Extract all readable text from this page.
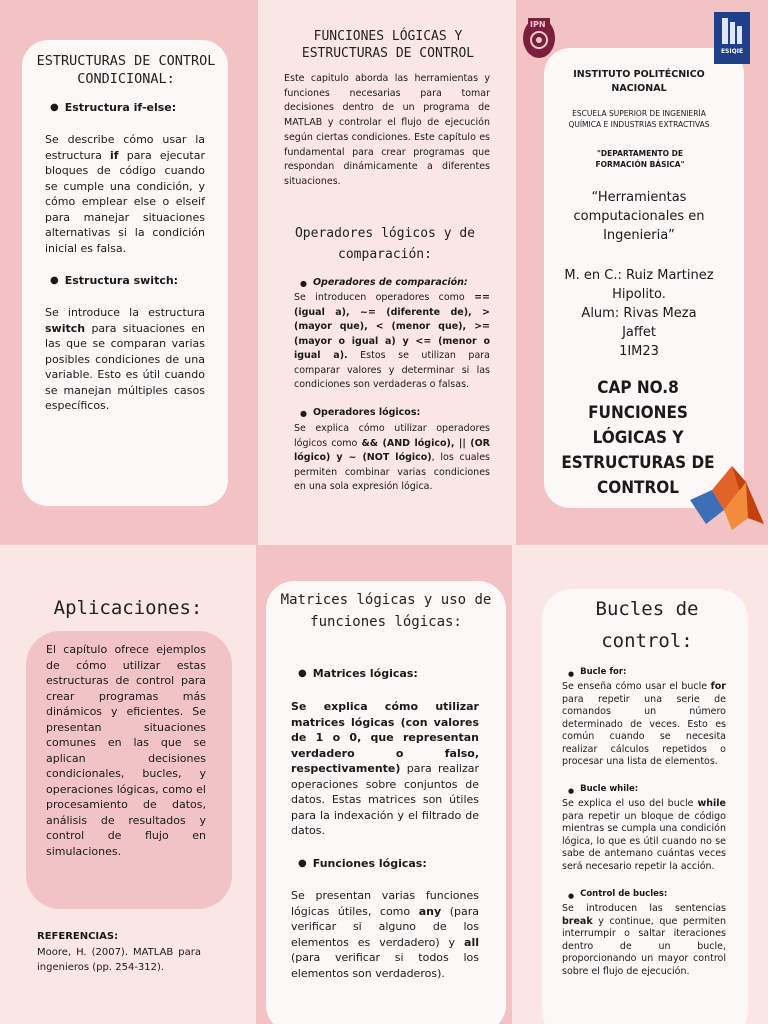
ESTRUCTURAS DE CONTROL CONDICIONAL:
● Estructura if-else:
Se describe cómo usar la estructura if para ejecutar bloques de código cuando se cumple una condición, y cómo emplear else o elseif para manejar situaciones alternativas si la condición inicial es falsa.
● Estructura switch:
Se introduce la estructura switch para situaciones en las que se comparan varias posibles condiciones de una variable. Esto es útil cuando se manejan múltiples casos específicos.
FUNCIONES LÓGICAS Y ESTRUCTURAS DE CONTROL
Este capitulo aborda las herramientas y funciones necesarias para tomar decisiones dentro de un programa de MATLAB y controlar el flujo de ejecución según ciertas condiciones. Este capítulo es fundamental para crear programas que respondan dinámicamente a diferentes situaciones.
Operadores lógicos y de comparación:
● Operadores de comparación:
Se introducen operadores como == (igual a), ~= (diferente de), > (mayor que), < (menor que), >= (mayor o igual a) y <= (menor o igual a). Estos se utilizan para comparar valores y determinar si las condiciones son verdaderas o falsas.
● Operadores lógicos:
Se explica cómo utilizar operadores lógicos como && (AND lógico), || (OR lógico) y ~ (NOT lógico), los cuales permiten combinar varias condiciones en una sola expresión lógica.
IPN
ESIQIE
INSTITUTO POLITÉCNICO NACIONAL
ESCUELA SUPERIOR DE INGENIERÍA QUÍMICA E INDUSTRIAS EXTRACTIVAS
"DEPARTAMENTO DE FORMACIÓN BÁSICA"
“Herramientas computacionales en Ingenieria”
M. en C.: Ruiz Martinez Hipolito.
Alum: Rivas Meza Jaffet
1IM23
CAP NO.8 FUNCIONES LÓGICAS Y ESTRUCTURAS DE CONTROL
Aplicaciones:
El capítulo ofrece ejemplos de cómo utilizar estas estructuras de control para crear programas más dinámicos y eficientes. Se presentan situaciones comunes en las que se aplican decisiones condicionales, bucles, y operaciones lógicas, como el procesamiento de datos, análisis de resultados y control de flujo en simulaciones.
REFERENCIAS:
Moore, H. (2007). MATLAB para ingenieros (pp. 254-312).
Matrices lógicas y uso de funciones lógicas:
● Matrices lógicas:
Se explica cómo utilizar matrices lógicas (con valores de 1 o 0, que representan verdadero o falso, respectivamente) para realizar operaciones sobre conjuntos de datos. Estas matrices son útiles para la indexación y el filtrado de datos.
● Funciones lógicas:
Se presentan varias funciones lógicas útiles, como any (para verificar si alguno de los elementos es verdadero) y all (para verificar si todos los elementos son verdaderos).
Bucles de control:
● Bucle for:
Se enseña cómo usar el bucle for para repetir una serie de comandos un número determinado de veces. Esto es común cuando se necesita realizar cálculos repetidos o procesar una lista de elementos.
● Bucle while:
Se explica el uso del bucle while para repetir un bloque de código mientras se cumpla una condición lógica, lo que es útil cuando no se sabe de antemano cuántas veces será necesario repetir la acción.
● Control de bucles:
Se introducen las sentencias break y continue, que permiten interrumpir o saltar iteraciones dentro de un bucle, proporcionando un mayor control sobre el flujo de ejecución.
